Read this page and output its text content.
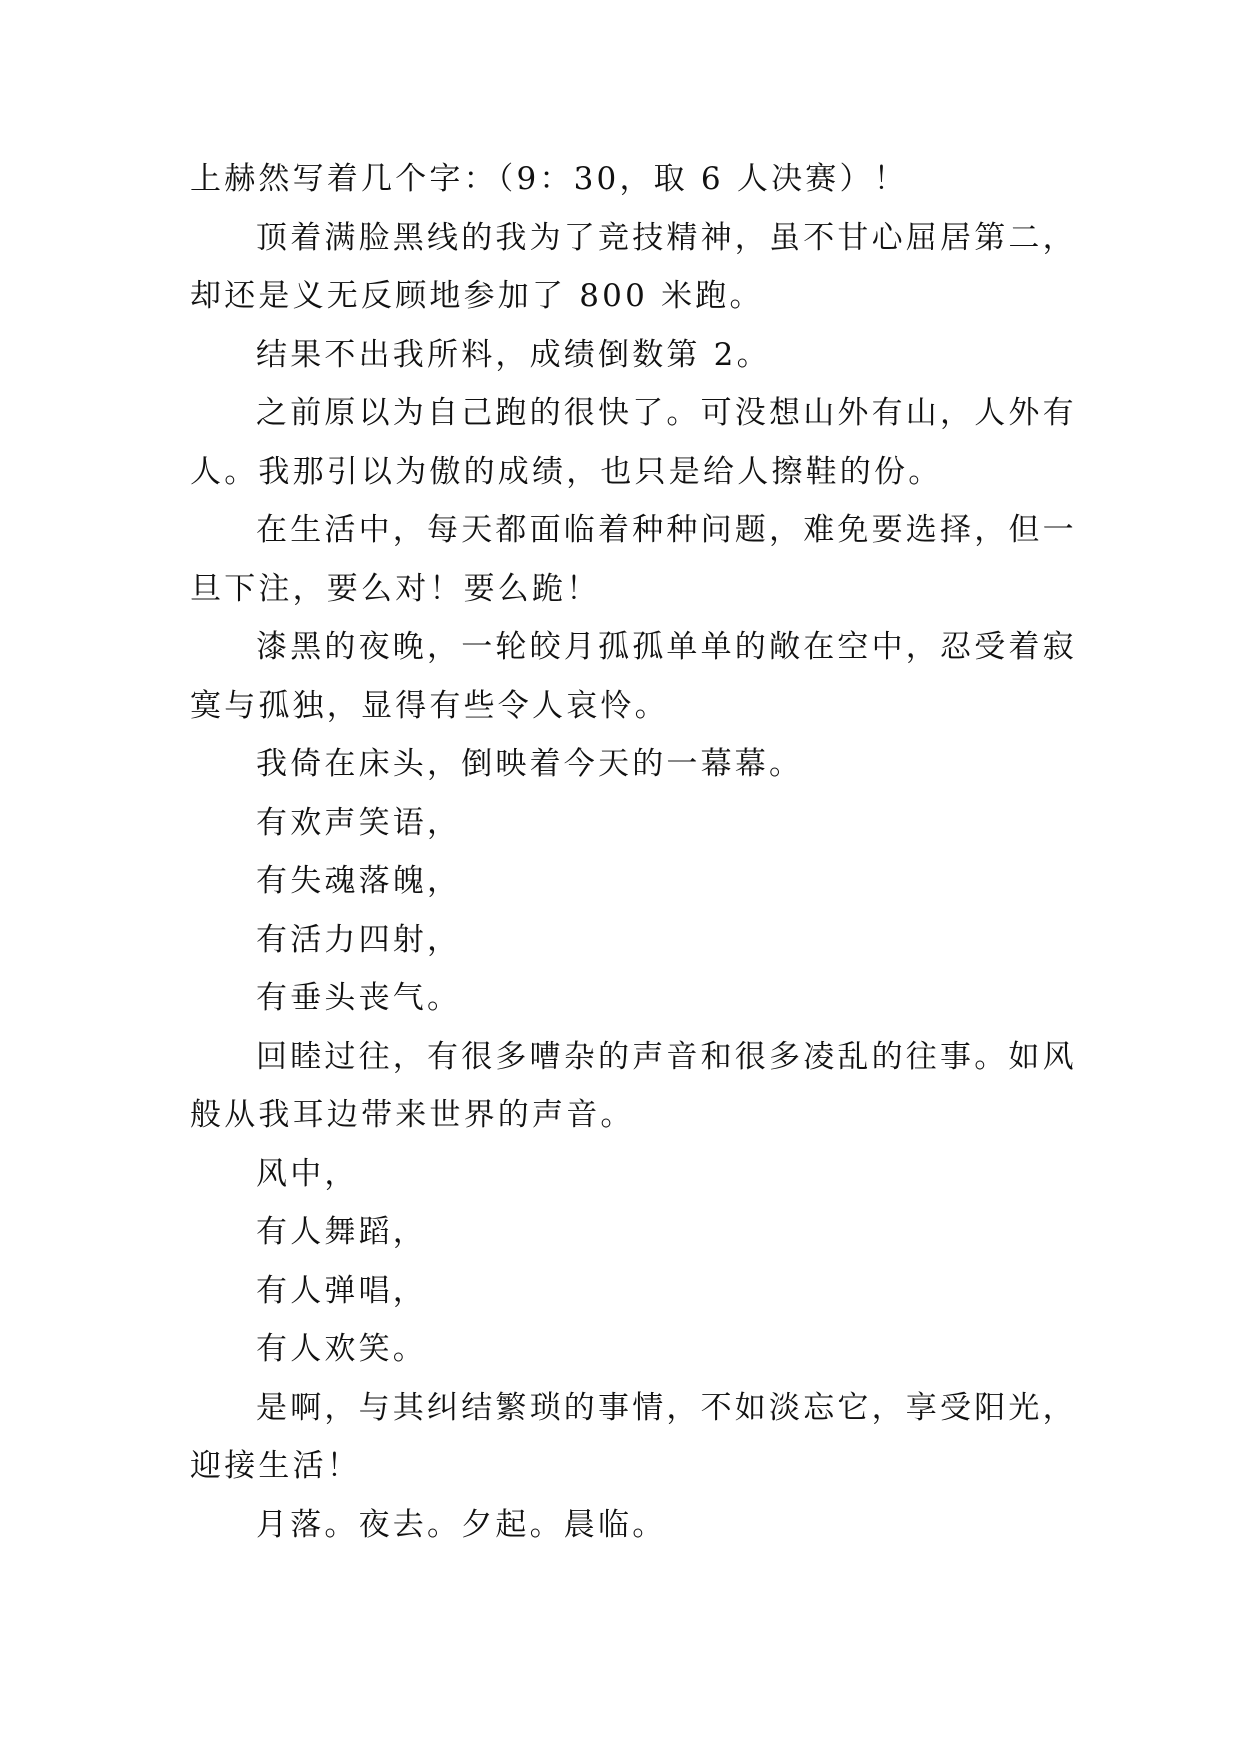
上赫然写着几个字：（9：30，取 6 人决赛）！
顶着满脸黑线的我为了竞技精神，虽不甘心屈居第二，
却还是义无反顾地参加了 800 米跑。
结果不出我所料，成绩倒数第 2。
之前原以为自己跑的很快了。可没想山外有山，人外有
人。我那引以为傲的成绩，也只是给人擦鞋的份。
在生活中，每天都面临着种种问题，难免要选择，但一
旦下注，要么对！要么跪！
漆黑的夜晚，一轮皎月孤孤单单的敞在空中，忍受着寂
寞与孤独，显得有些令人哀怜。
我倚在床头，倒映着今天的一幕幕。
有欢声笑语，
有失魂落魄，
有活力四射，
有垂头丧气。
回睦过往，有很多嘈杂的声音和很多凌乱的往事。如风
般从我耳边带来世界的声音。
风中，
有人舞蹈，
有人弹唱，
有人欢笑。
是啊，与其纠结繁琐的事情，不如淡忘它，享受阳光，
迎接生活！
月落。夜去。夕起。晨临。
